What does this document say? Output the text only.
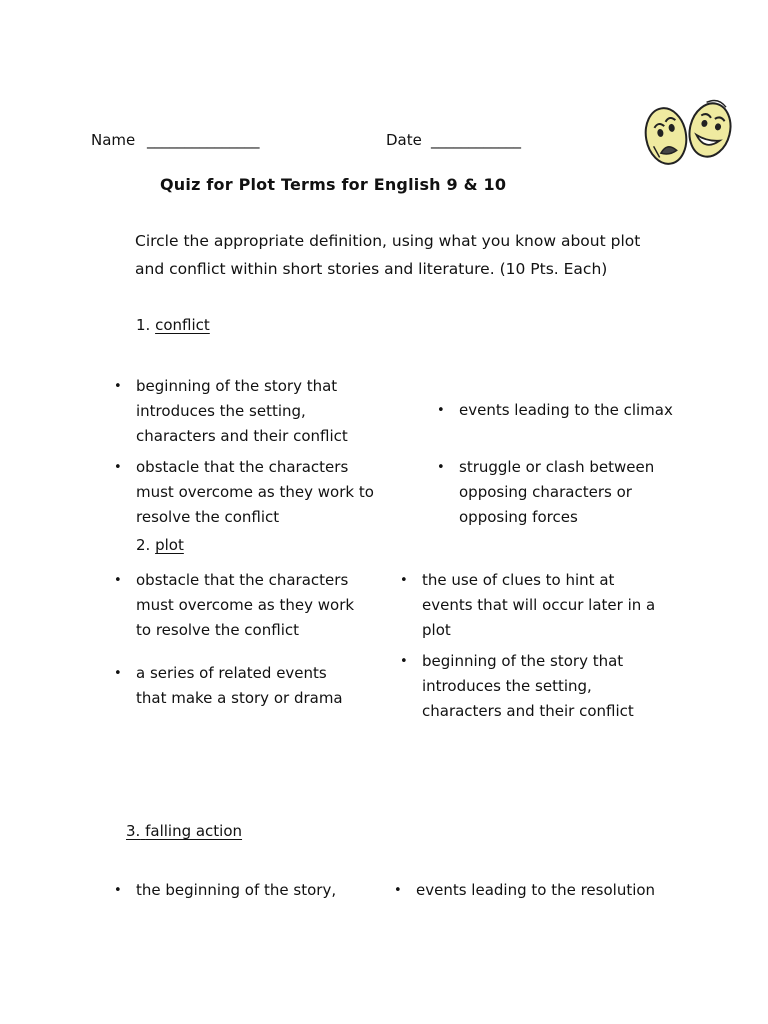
Name _______________	Date ____________
Quiz for Plot Terms for English 9 & 10
Circle the appropriate definition, using what you know about plot
and conflict within short stories and literature. (10 Pts. Each)
1. conflict
• beginning of the story that
introduces the setting,
characters and their conflict
• events leading to the climax
• obstacle that the characters
must overcome as they work to
resolve the conflict
• struggle or clash between
opposing characters or
opposing forces
2. plot
• obstacle that the characters
must overcome as they work
to resolve the conflict
• the use of clues to hint at
events that will occur later in a
plot
• a series of related events
that make a story or drama
• beginning of the story that
introduces the setting,
characters and their conflict
3. falling action
• the beginning of the story,	• events leading to the resolution
